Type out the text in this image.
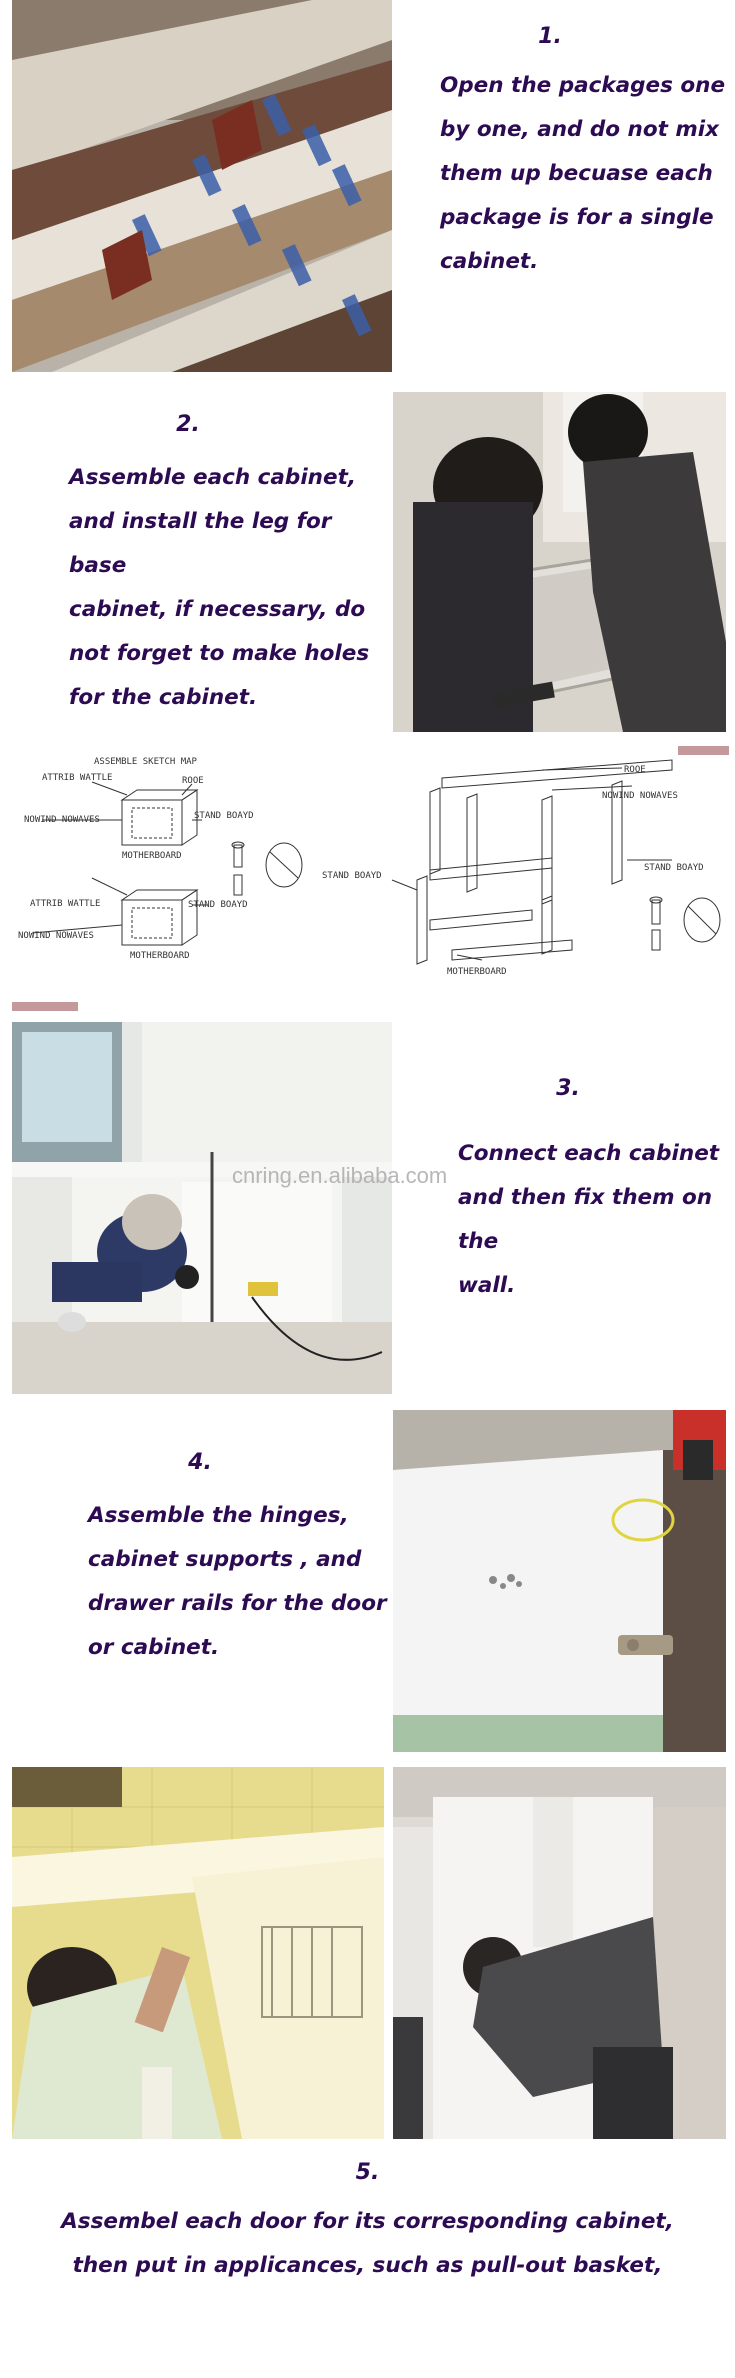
1.

Open the packages one

by one, and do not mix

them up becuase each

package is for a single

cabinet.

2.

Assemble each cabinet,

and install the leg for base

cabinet, if necessary, do

not forget to make holes

for the cabinet.

ASSEMBLE SKETCH MAP
ATTRIB WATTLE	ROOE
NOWIND NOWAVES	STAND BOAYD
MOTHERBOARD
ATTRIB WATTLE	STAND BOAYD
NOWIND NOWAVES
MOTHERBOARD
ROOE
NOWIND NOWAVES
STAND BOAYD
STAND BOAYD
MOTHERBOARD
cnring.en.alibaba.com
3.

Connect each cabinet

and then fix them on the

wall.

4.

Assemble the hinges,

cabinet supports , and

drawer rails for the door

or cabinet.

5.

Assembel each door for its corresponding cabinet,

then put in applicances, such as pull-out basket,
